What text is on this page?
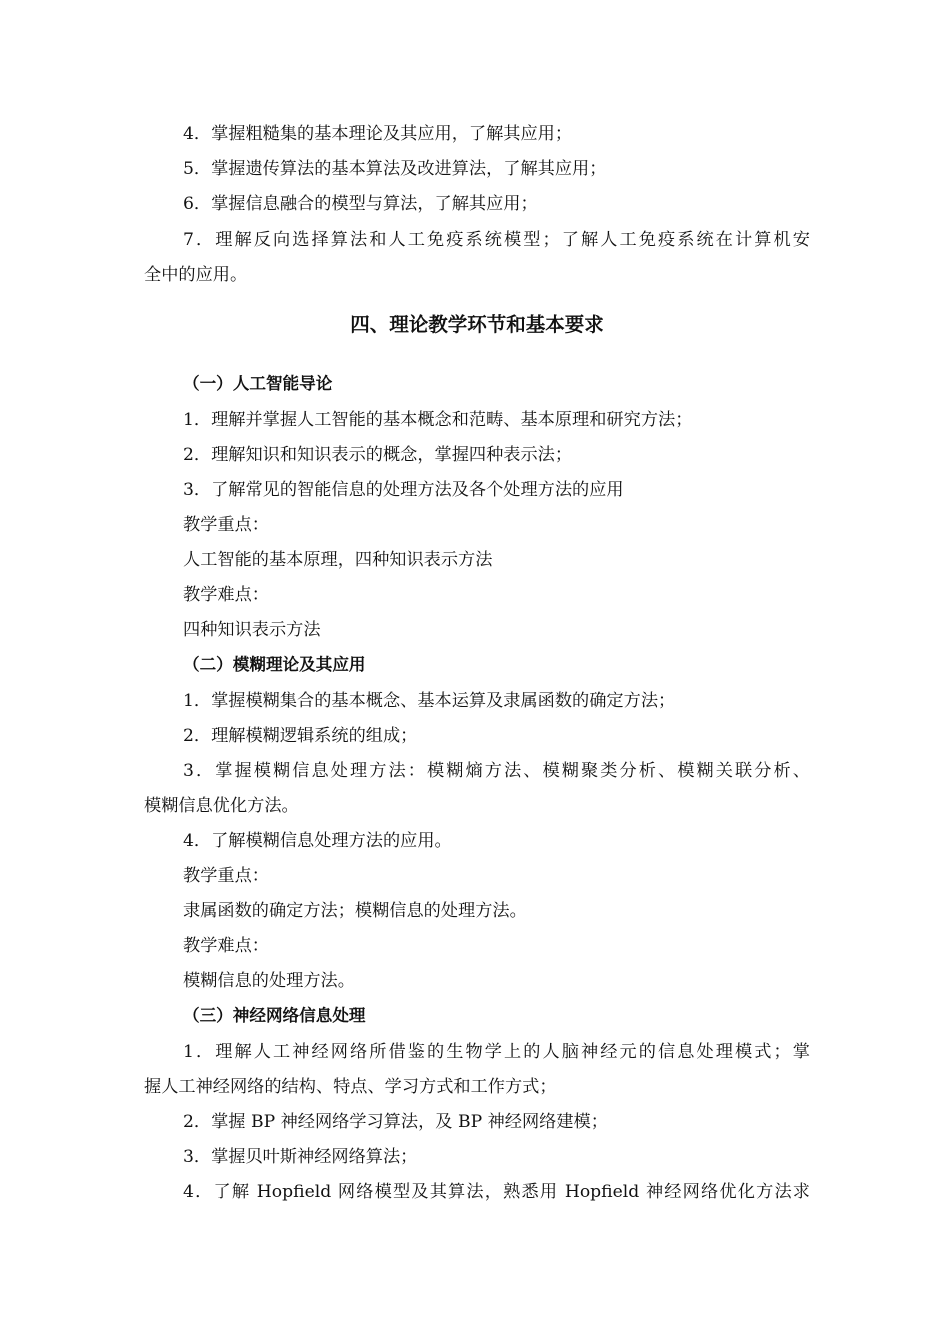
4．掌握粗糙集的基本理论及其应用，了解其应用；
5．掌握遗传算法的基本算法及改进算法，了解其应用；
6．掌握信息融合的模型与算法，了解其应用；
7．理解反向选择算法和人工免疫系统模型；了解人工免疫系统在计算机安
全中的应用。
四、理论教学环节和基本要求
（一）人工智能导论
1．理解并掌握人工智能的基本概念和范畴、基本原理和研究方法；
2．理解知识和知识表示的概念，掌握四种表示法；
3．了解常见的智能信息的处理方法及各个处理方法的应用
教学重点：
人工智能的基本原理，四种知识表示方法
教学难点：
四种知识表示方法
（二）模糊理论及其应用
1．掌握模糊集合的基本概念、基本运算及隶属函数的确定方法；
2．理解模糊逻辑系统的组成；
3．掌握模糊信息处理方法：模糊熵方法、模糊聚类分析、模糊关联分析、
模糊信息优化方法。
4．了解模糊信息处理方法的应用。
教学重点：
隶属函数的确定方法；模糊信息的处理方法。
教学难点：
模糊信息的处理方法。
（三）神经网络信息处理
1．理解人工神经网络所借鉴的生物学上的人脑神经元的信息处理模式；掌
握人工神经网络的结构、特点、学习方式和工作方式；
2．掌握 BP 神经网络学习算法，及 BP 神经网络建模；
3．掌握贝叶斯神经网络算法；
4．了解 Hopfield 网络模型及其算法，熟悉用 Hopfield 神经网络优化方法求
